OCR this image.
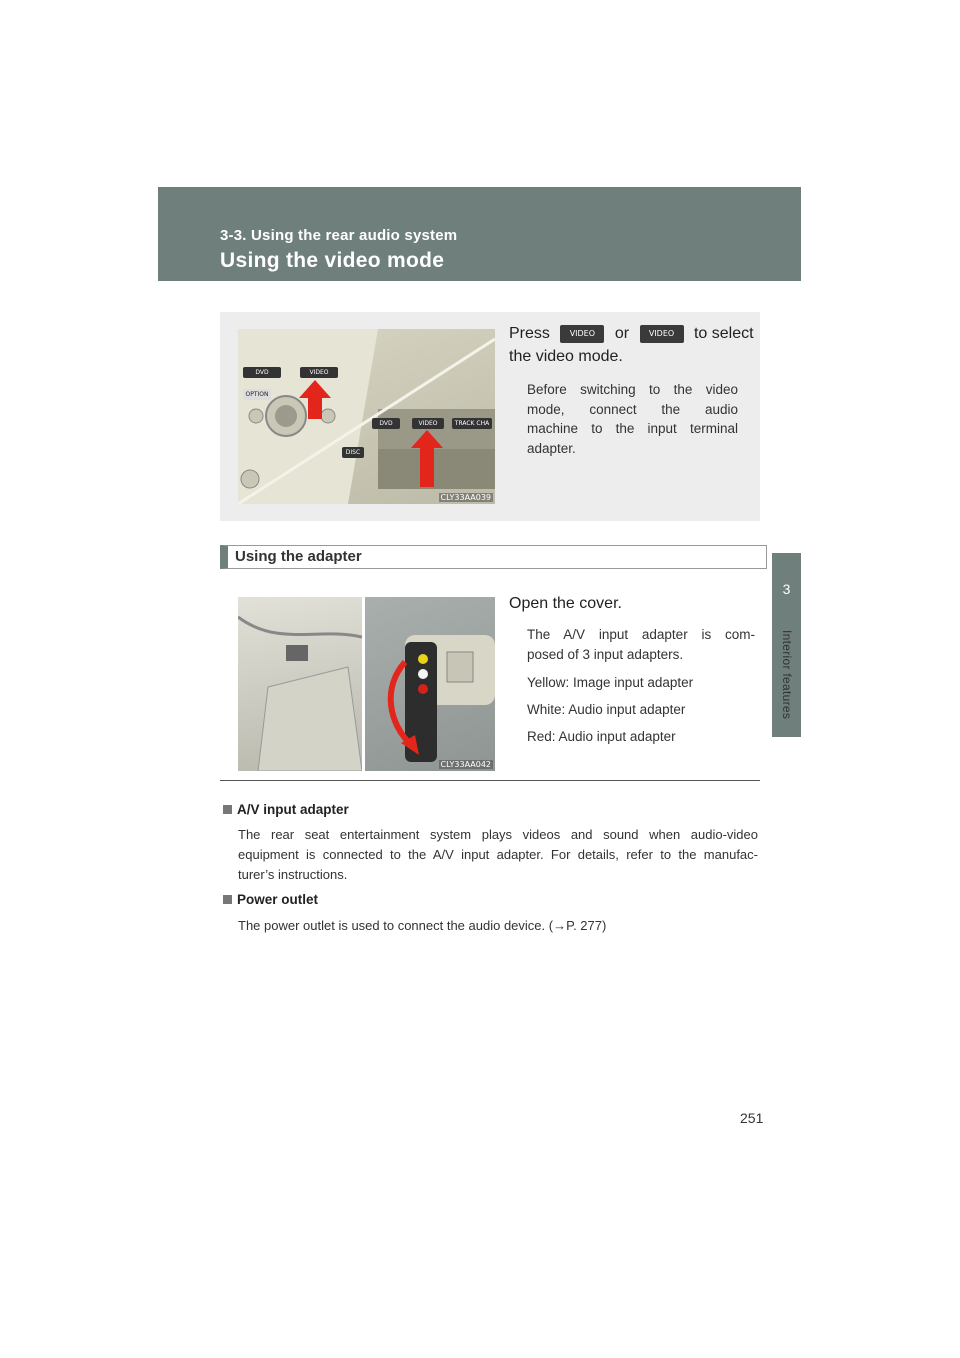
3-3. Using the rear audio system
Using the video mode
3
Interior features
DVD	VIDEO
OPTION
DVD	VIDEO	TRACK CHA
DISC
CLY33AA039
Press VIDEO or VIDEO to select
the video mode.
Before switching to the video
mode, connect the audio
machine to the input terminal
adapter.
Using the adapter
CLY33AA042
Open the cover.
The A/V input adapter is com-
posed of 3 input adapters.
Yellow: Image input adapter
White: Audio input adapter
Red: Audio input adapter
A/V input adapter
The rear seat entertainment system plays videos and sound when audio-video
equipment is connected to the A/V input adapter. For details, refer to the manufac-
turer’s instructions.
Power outlet
The power outlet is used to connect the audio device. (→P. 277)
251
